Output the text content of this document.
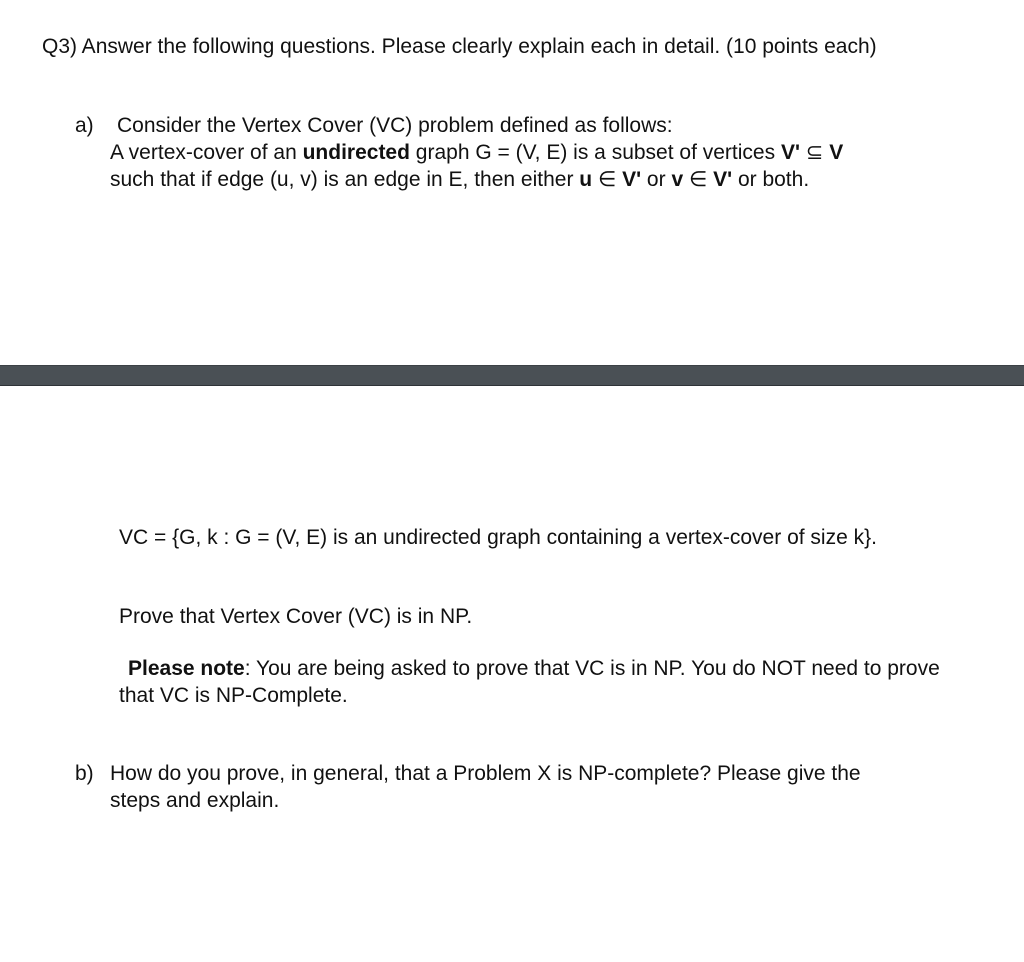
Q3) Answer the following questions. Please clearly explain each in detail. (10 points each)

a) Consider the Vertex Cover (VC) problem defined as follows:

A vertex-cover of an undirected graph G = (V, E) is a subset of vertices V' ⊆ V
such that if edge (u, v) is an edge in E, then either u ∈ V' or v ∈ V' or both.

VC = {G, k : G = (V, E) is an undirected graph containing a vertex-cover of size k}.

Prove that Vertex Cover (VC) is in NP.

Please note: You are being asked to prove that VC is in NP. You do NOT need to prove that VC is NP-Complete.

b) How do you prove, in general, that a Problem X is NP-complete? Please give the
steps and explain.
